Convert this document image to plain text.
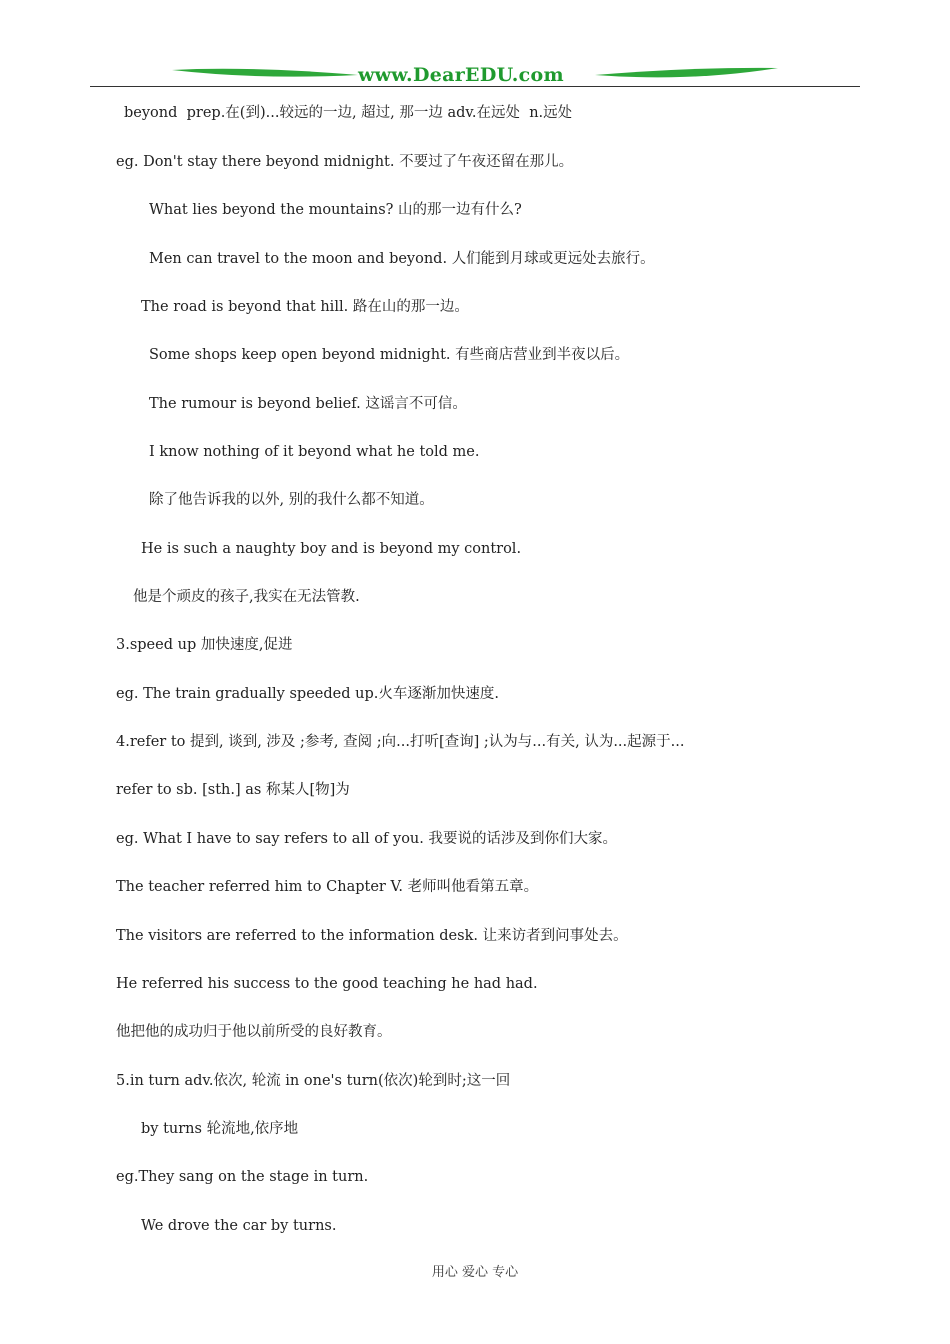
www.DearEDU.com
beyond  prep.在(到)...较远的一边, 超过, 那一边 adv.在远处  n.远处
eg. Don't stay there beyond midnight. 不要过了午夜还留在那儿。
What lies beyond the mountains? 山的那一边有什么?
Men can travel to the moon and beyond. 人们能到月球或更远处去旅行。
The road is beyond that hill. 路在山的那一边。
Some shops keep open beyond midnight. 有些商店营业到半夜以后。
The rumour is beyond belief. 这谣言不可信。
I know nothing of it beyond what he told me.
除了他告诉我的以外, 别的我什么都不知道。
He is such a naughty boy and is beyond my control.
他是个顽皮的孩子,我实在无法管教.
3.speed up 加快速度,促进
eg. The train gradually speeded up.火车逐渐加快速度.
4.refer to 提到, 谈到, 涉及 ;参考, 查阅 ;向...打听[查询] ;认为与...有关, 认为...起源于...
refer to sb. [sth.] as 称某人[物]为
eg. What I have to say refers to all of you. 我要说的话涉及到你们大家。
The teacher referred him to Chapter V. 老师叫他看第五章。
The visitors are referred to the information desk. 让来访者到问事处去。
He referred his success to the good teaching he had had.
他把他的成功归于他以前所受的良好教育。
5.in turn adv.依次, 轮流 in one's turn(依次)轮到时;这一回
by turns 轮流地,依序地
eg.They sang on the stage in turn.
We drove the car by turns.
用心 爱心 专心
